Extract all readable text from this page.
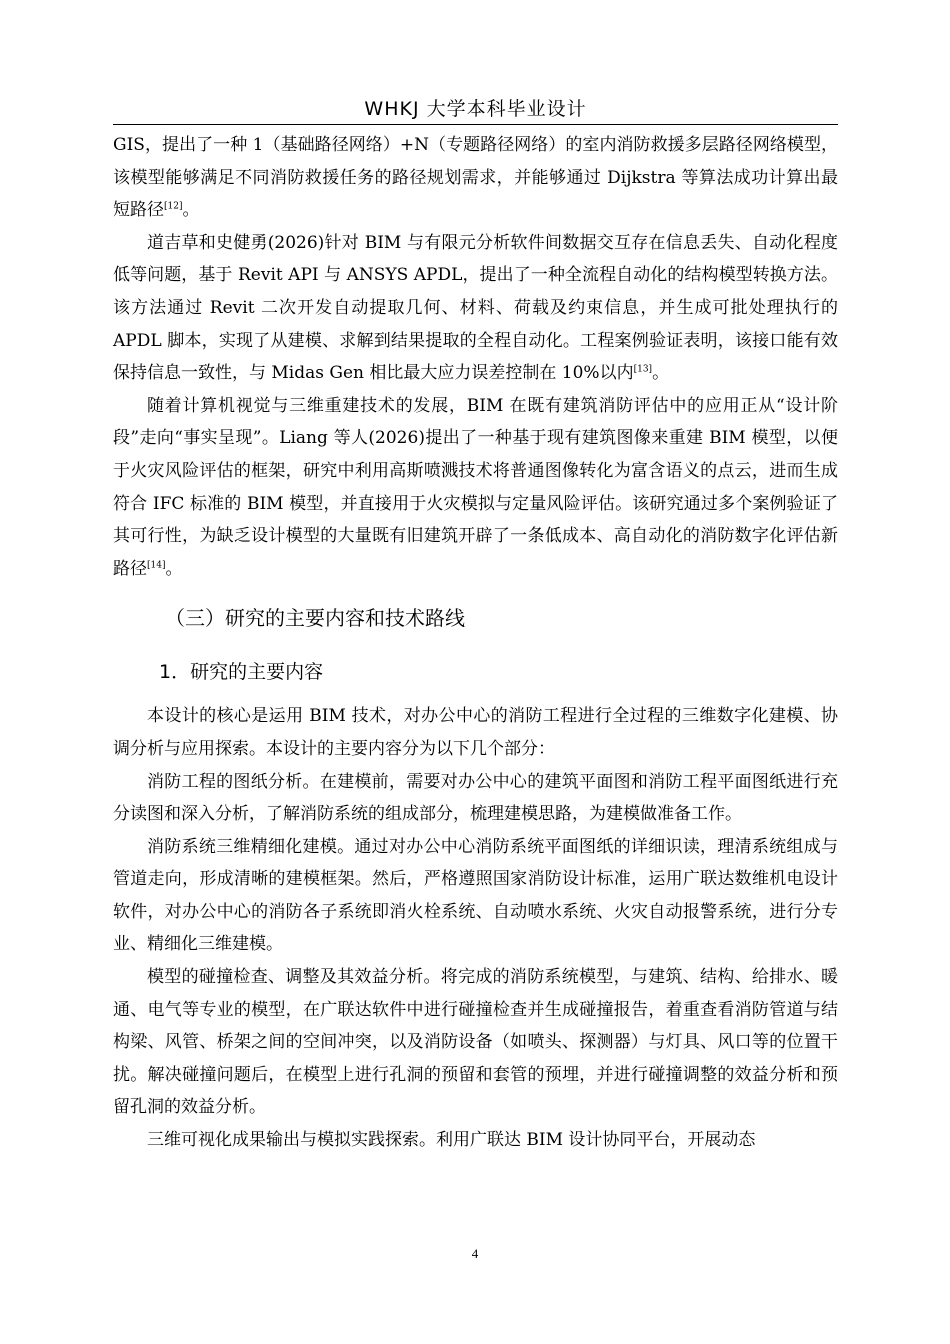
WHKJ 大学本科毕业设计

GIS，提出了一种 1（基础路径网络）+N（专题路径网络）的室内消防救援多层路径网络模型，该模型能够满足不同消防救援任务的路径规划需求，并能够通过 Dijkstra 等算法成功计算出最短路径[12]。

道吉草和史健勇(2026)针对 BIM 与有限元分析软件间数据交互存在信息丢失、自动化程度低等问题，基于 Revit API 与 ANSYS APDL，提出了一种全流程自动化的结构模型转换方法。该方法通过 Revit 二次开发自动提取几何、材料、荷载及约束信息，并生成可批处理执行的 APDL 脚本，实现了从建模、求解到结果提取的全程自动化。工程案例验证表明，该接口能有效保持信息一致性，与 Midas Gen 相比最大应力误差控制在 10%以内[13]。

随着计算机视觉与三维重建技术的发展，BIM 在既有建筑消防评估中的应用正从“设计阶段”走向“事实呈现”。Liang 等人(2026)提出了一种基于现有建筑图像来重建 BIM 模型，以便于火灾风险评估的框架，研究中利用高斯喷溅技术将普通图像转化为富含语义的点云，进而生成符合 IFC 标准的 BIM 模型，并直接用于火灾模拟与定量风险评估。该研究通过多个案例验证了其可行性，为缺乏设计模型的大量既有旧建筑开辟了一条低成本、高自动化的消防数字化评估新路径[14]。

（三）研究的主要内容和技术路线
1．研究的主要内容

本设计的核心是运用 BIM 技术，对办公中心的消防工程进行全过程的三维数字化建模、协调分析与应用探索。本设计的主要内容分为以下几个部分：

消防工程的图纸分析。在建模前，需要对办公中心的建筑平面图和消防工程平面图纸进行充分读图和深入分析，了解消防系统的组成部分，梳理建模思路，为建模做准备工作。

消防系统三维精细化建模。通过对办公中心消防系统平面图纸的详细识读，理清系统组成与管道走向，形成清晰的建模框架。然后，严格遵照国家消防设计标准，运用广联达数维机电设计软件，对办公中心的消防各子系统即消火栓系统、自动喷水系统、火灾自动报警系统，进行分专业、精细化三维建模。

模型的碰撞检查、调整及其效益分析。将完成的消防系统模型，与建筑、结构、给排水、暖通、电气等专业的模型，在广联达软件中进行碰撞检查并生成碰撞报告，着重查看消防管道与结构梁、风管、桥架之间的空间冲突，以及消防设备（如喷头、探测器）与灯具、风口等的位置干扰。解决碰撞问题后，在模型上进行孔洞的预留和套管的预埋，并进行碰撞调整的效益分析和预留孔洞的效益分析。

三维可视化成果输出与模拟实践探索。利用广联达 BIM 设计协同平台，开展动态

4
